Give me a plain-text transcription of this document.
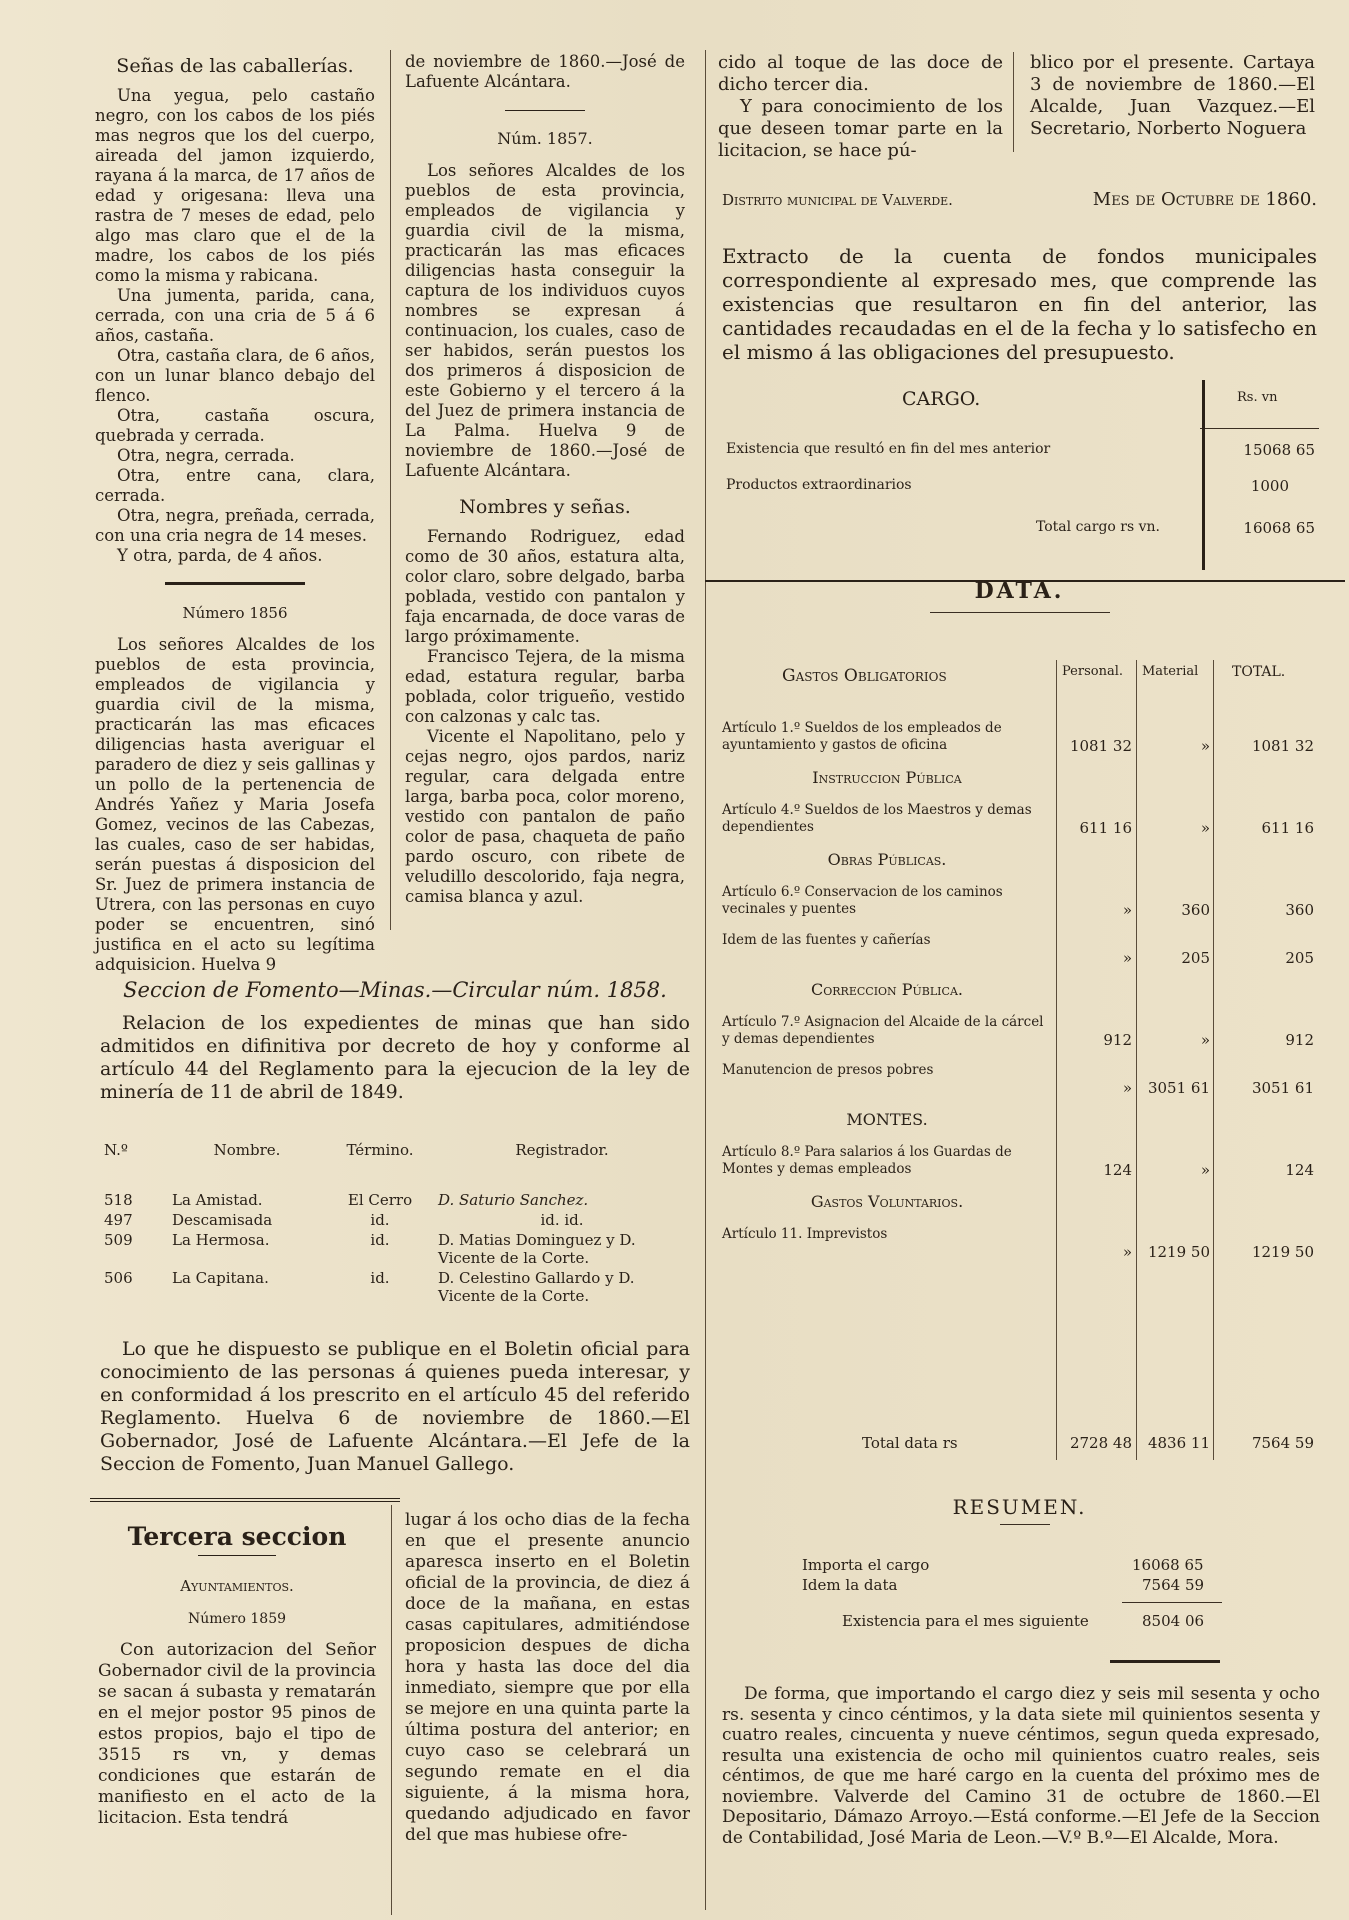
Señas de las caballerías.

Una yegua, pelo castaño negro, con los cabos de los piés mas negros que los del cuerpo, aireada del jamon izquierdo, rayana á la marca, de 17 años de edad y origesana: lleva una rastra de 7 meses de edad, pelo algo mas claro que el de la madre, los cabos de los piés como la misma y rabicana.

Una jumenta, parida, cana, cerrada, con una cria de 5 á 6 años, castaña.

Otra, castaña clara, de 6 años, con un lunar blanco debajo del flenco.

Otra, castaña oscura, quebrada y cerrada.

Otra, negra, cerrada.

Otra, entre cana, clara, cerrada.

Otra, negra, preñada, cerrada, con una cria negra de 14 meses.

Y otra, parda, de 4 años.

Número 1856

Los señores Alcaldes de los pueblos de esta provincia, empleados de vigilancia y guardia civil de la misma, practicarán las mas eficaces diligencias hasta averiguar el paradero de diez y seis gallinas y un pollo de la pertenencia de Andrés Yañez y Maria Josefa Gomez, vecinos de las Cabezas, las cuales, caso de ser habidas, serán puestas á disposicion del Sr. Juez de primera instancia de Utrera, con las personas en cuyo poder se encuentren, sinó justifica en el acto su legítima adquisicion. Huelva 9

de noviembre de 1860.—José de Lafuente Alcántara.

Núm. 1857.

Los señores Alcaldes de los pueblos de esta provincia, empleados de vigilancia y guardia civil de la misma, practicarán las mas eficaces diligencias hasta conseguir la captura de los individuos cuyos nombres se expresan á continuacion, los cuales, caso de ser habidos, serán puestos los dos primeros á disposicion de este Gobierno y el tercero á la del Juez de primera instancia de La Palma. Huelva 9 de noviembre de 1860.—José de Lafuente Alcántara.

Nombres y señas.

Fernando Rodriguez, edad como de 30 años, estatura alta, color claro, sobre delgado, barba poblada, vestido con pantalon y faja encarnada, de doce varas de largo próximamente.

Francisco Tejera, de la misma edad, estatura regular, barba poblada, color trigueño, vestido con calzonas y calc tas.

Vicente el Napolitano, pelo y cejas negro, ojos pardos, nariz regular, cara delgada entre larga, barba poca, color moreno, vestido con pantalon de paño color de pasa, chaqueta de paño pardo oscuro, con ribete de veludillo descolorido, faja negra, camisa blanca y azul.

Seccion de Fomento—Minas.—Circular núm. 1858.

Relacion de los expedientes de minas que han sido admitidos en difinitiva por decreto de hoy y conforme al artículo 44 del Reglamento para la ejecucion de la ley de minería de 11 de abril de 1849.

N.º	Nombre.	Término.	Registrador.

518	La Amistad.	El Cerro	D. Saturio Sanchez.
497	Descamisada	id.	id. id.
509	La Hermosa.	id.	D. Matias Dominguez y D. Vicente de la Corte.
506	La Capitana.	id.	D. Celestino Gallardo y D. Vicente de la Corte.

Lo que he dispuesto se publique en el Boletin oficial para conocimiento de las personas á quienes pueda interesar, y en conformidad á los prescrito en el artículo 45 del referido Reglamento. Huelva 6 de noviembre de 1860.—El Gobernador, José de Lafuente Alcántara.—El Jefe de la Seccion de Fomento, Juan Manuel Gallego.

Tercera seccion
Ayuntamientos.
Número 1859

Con autorizacion del Señor Gobernador civil de la provincia se sacan á subasta y rematarán en el mejor postor 95 pinos de estos propios, bajo el tipo de 3515 rs vn, y demas condiciones que estarán de manifiesto en el acto de la licitacion. Esta tendrá

lugar á los ocho dias de la fecha en que el presente anuncio aparesca inserto en el Boletin oficial de la provincia, de diez á doce de la mañana, en estas casas capitulares, admitiéndose proposicion despues de dicha hora y hasta las doce del dia inmediato, siempre que por ella se mejore en una quinta parte la última postura del anterior; en cuyo caso se celebrará un segundo remate en el dia siguiente, á la misma hora, quedando adjudicado en favor del que mas hubiese ofre-

cido al toque de las doce de dicho tercer dia.

Y para conocimiento de los que deseen tomar parte en la licitacion, se hace pú-

blico por el presente. Cartaya 3 de noviembre de 1860.—El Alcalde, Juan Vazquez.—El Secretario, Norberto Noguera

Distrito municipal de Valverde.	Mes de Octubre de 1860.

Extracto de la cuenta de fondos municipales correspondiente al expresado mes, que comprende las existencias que resultaron en fin del anterior, las cantidades recaudadas en el de la fecha y lo satisfecho en el mismo á las obligaciones del presupuesto.

CARGO.	Rs. vn
Existencia que resultó en fin del mes anterior	15068 65
Productos extraordinarios	1000
Total cargo rs vn.	16068 65
DATA.
Gastos Obligatorios	Personal. Material TOTAL.
Artículo 1.º Sueldos de los empleados de ayuntamiento y gastos de oficina	1081 32	»	1081 32
Instruccion Pública
Artículo 4.º Sueldos de los Maestros y demas dependientes	611 16	»	611 16
Obras Públicas.
Artículo 6.º Conservacion de los caminos vecinales y puentes	»	360	360
Idem de las fuentes y cañerías
»	205	205
Correccion Pública.
Artículo 7.º Asignacion del Alcaide de la cárcel y demas dependientes	912	»	912
Manutencion de presos pobres
»	3051 61	3051 61
MONTES.
Artículo 8.º Para salarios á los Guardas de Montes y demas empleados	124	»	124
Gastos Voluntarios.
Artículo 11. Imprevistos
»	1219 50	1219 50
Total data rs	2728 48	4836 11	7564 59
RESUMEN.
Importa el cargo	16068 65
Idem la data	7564 59
Existencia para el mes siguiente	8504 06

De forma, que importando el cargo diez y seis mil sesenta y ocho rs. sesenta y cinco céntimos, y la data siete mil quinientos sesenta y cuatro reales, cincuenta y nueve céntimos, segun queda expresado, resulta una existencia de ocho mil quinientos cuatro reales, seis céntimos, de que me haré cargo en la cuenta del próximo mes de noviembre. Valverde del Camino 31 de octubre de 1860.—El Depositario, Dámazo Arroyo.—Está conforme.—El Jefe de la Seccion de Contabilidad, José Maria de Leon.—V.º B.º—El Alcalde, Mora.
